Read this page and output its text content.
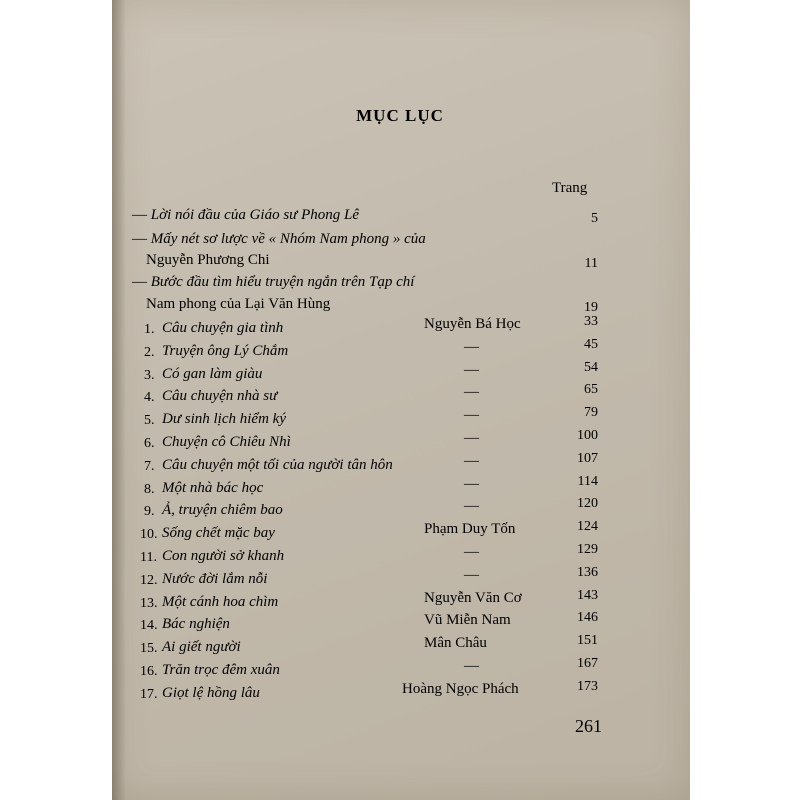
MỤC LỤC
Trang
— Lời nói đầu của Giáo sư Phong Lê	5
— Mấy nét sơ lược về « Nhóm Nam phong » của
Nguyễn Phương Chi	11
— Bước đầu tìm hiểu truyện ngắn trên Tạp chí
Nam phong của Lại Văn Hùng	19
1. Câu chuyện gia tình	Nguyễn Bá Học	33
2. Truyện ông Lý Chắm	—	45
3. Có gan làm giàu	—	54
4. Câu chuyện nhà sư	—	65
5. Dư sinh lịch hiểm ký	—	79
6. Chuyện cô Chiêu Nhì	—	100
7. Câu chuyện một tối của người tân hôn	—	107
8. Một nhà bác học	—	114
9. Ả, truyện chiêm bao	—	120
10. Sống chết mặc bay	Phạm Duy Tốn	124
11. Con người sở khanh	—	129
12. Nước đời lắm nỗi	—	136
13. Một cánh hoa chìm	Nguyễn Văn Cơ	143
14. Bác nghiện	Vũ Miễn Nam	146
15. Ai giết người	Mân Châu	151
16. Trăn trọc đêm xuân	—	167
17. Giọt lệ hồng lâu	Hoàng Ngọc Phách	173
261
